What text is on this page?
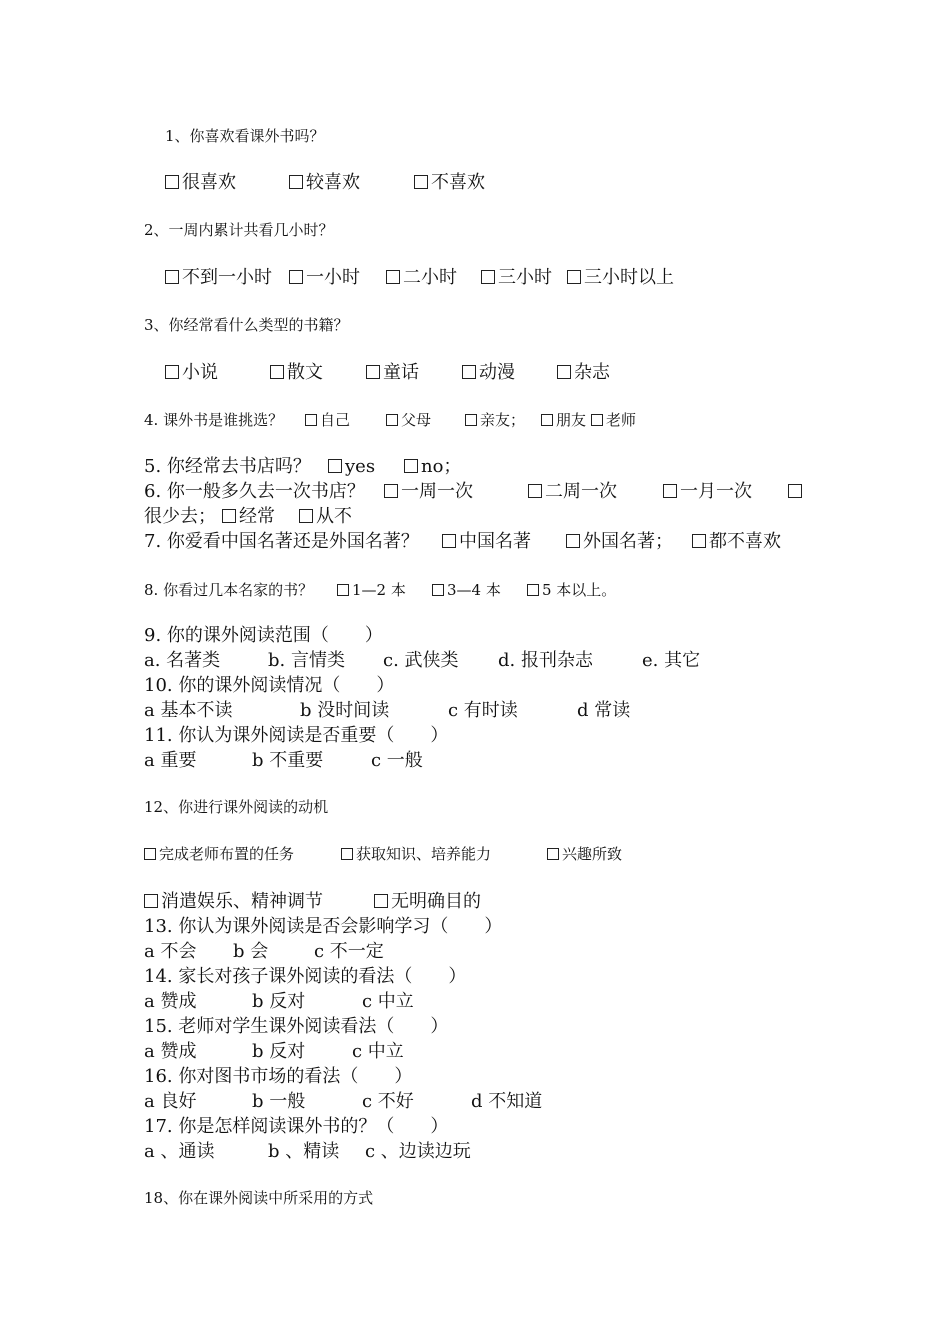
1、你喜欢看课外书吗？
很喜欢	较喜欢	不喜欢
2、一周内累计共看几小时？
不到一小时	一小时	二小时	三小时	三小时以上
3、你经常看什么类型的书籍？
小说	散文	童话	动漫	杂志
4. 课外书是谁挑选？	自己	父母	亲友；	朋友	老师
5. 你经常去书店吗？	yes	no；
6. 你一般多久去一次书店？	一周一次	二周一次	一月一次
很少去；	经常	从不
7. 你爱看中国名著还是外国名著？	中国名著	外国名著；	都不喜欢
8. 你看过几本名家的书？	1—2 本	3—4 本	5 本以上。
9. 你的课外阅读范围（　　）
a. 名著类	b. 言情类 c. 武侠类 d. 报刊杂志	e. 其它
10. 你的课外阅读情况（　　）
a 基本不读	b 没时间读	c 有时读	d 常读
11. 你认为课外阅读是否重要（　　）
a 重要	b 不重要	c 一般
12、你进行课外阅读的动机
完成老师布置的任务	获取知识、培养能力	兴趣所致
消遣娱乐、精神调节	无明确目的
13. 你认为课外阅读是否会影响学习（　　）
a 不会 b 会	c 不一定
14. 家长对孩子课外阅读的看法（　　）
a 赞成	b 反对	c 中立
15. 老师对学生课外阅读看法（　　）
a 赞成	b 反对	c 中立
16. 你对图书市场的看法（　　）
a 良好	b 一般	c 不好	d 不知道
17. 你是怎样阅读课外书的？（　　）
a 、通读	b 、精读 c 、边读边玩
18、你在课外阅读中所采用的方式
